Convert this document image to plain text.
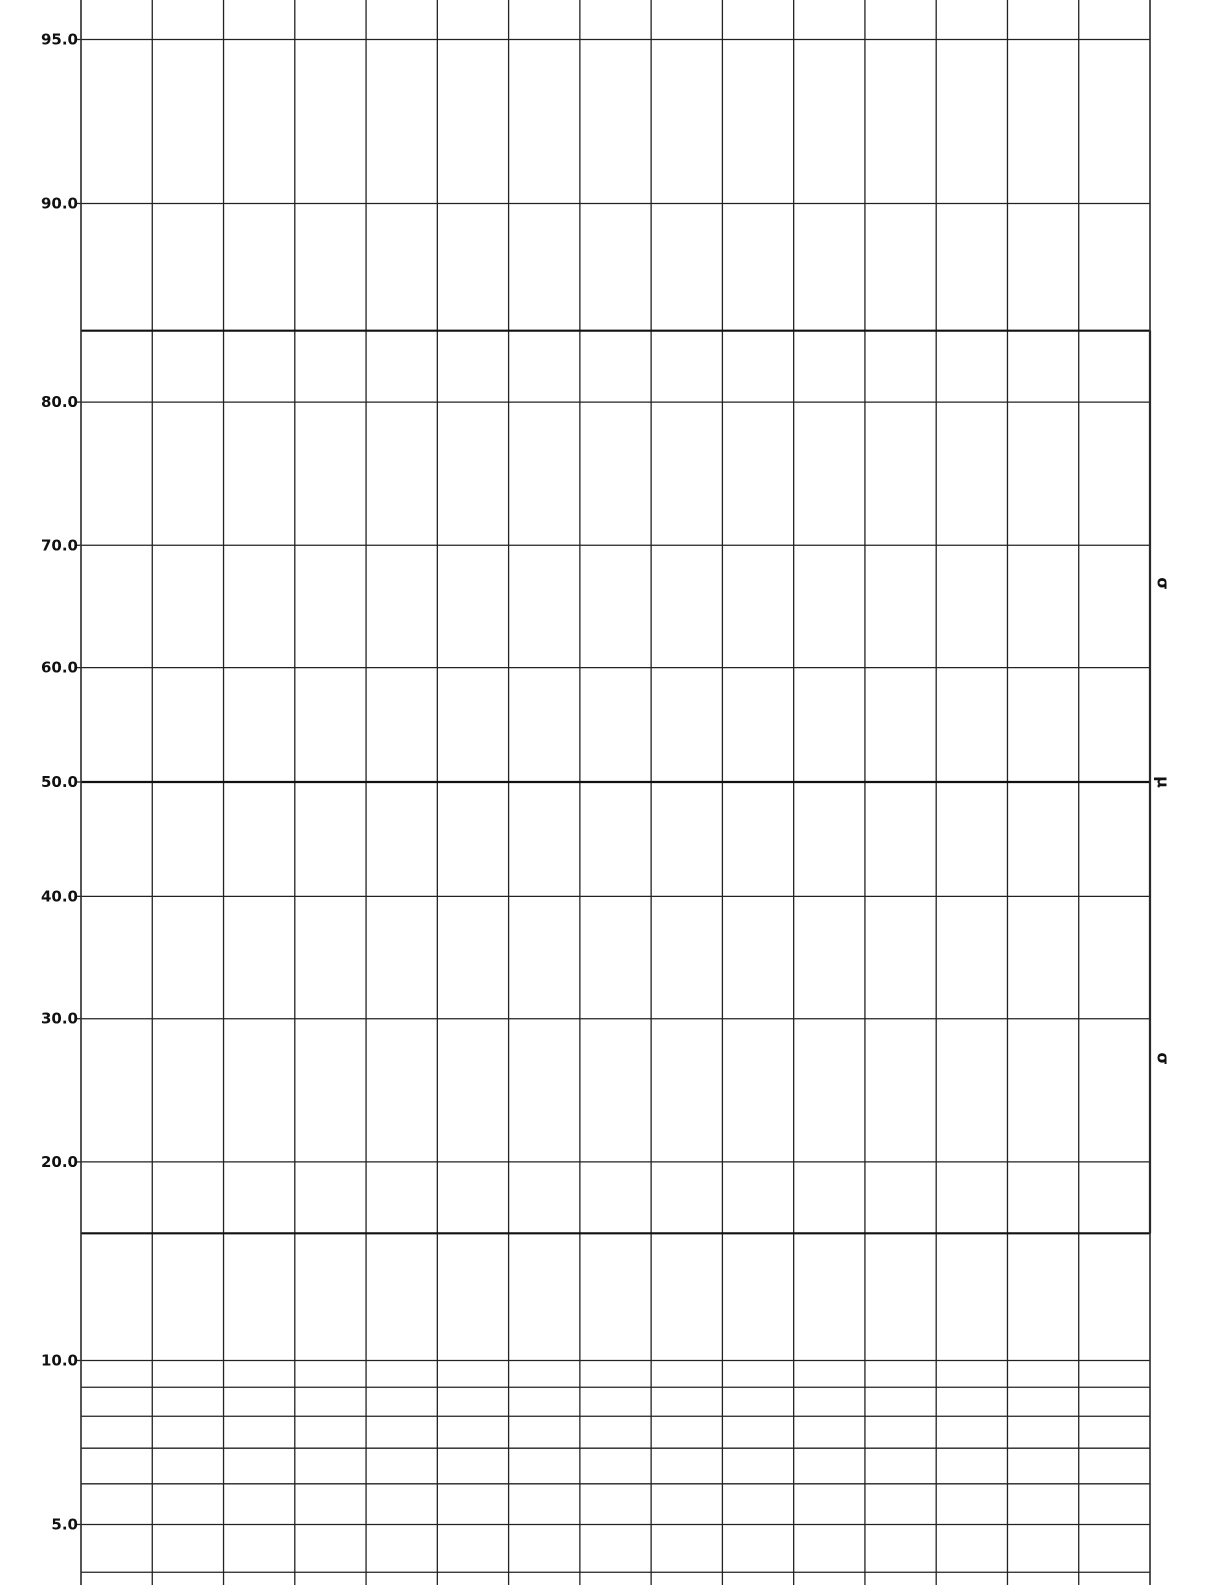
5.0
10.0
20.0
30.0
40.0
50.0
60.0
70.0
80.0
90.0
95.0
σ
μ
σ
